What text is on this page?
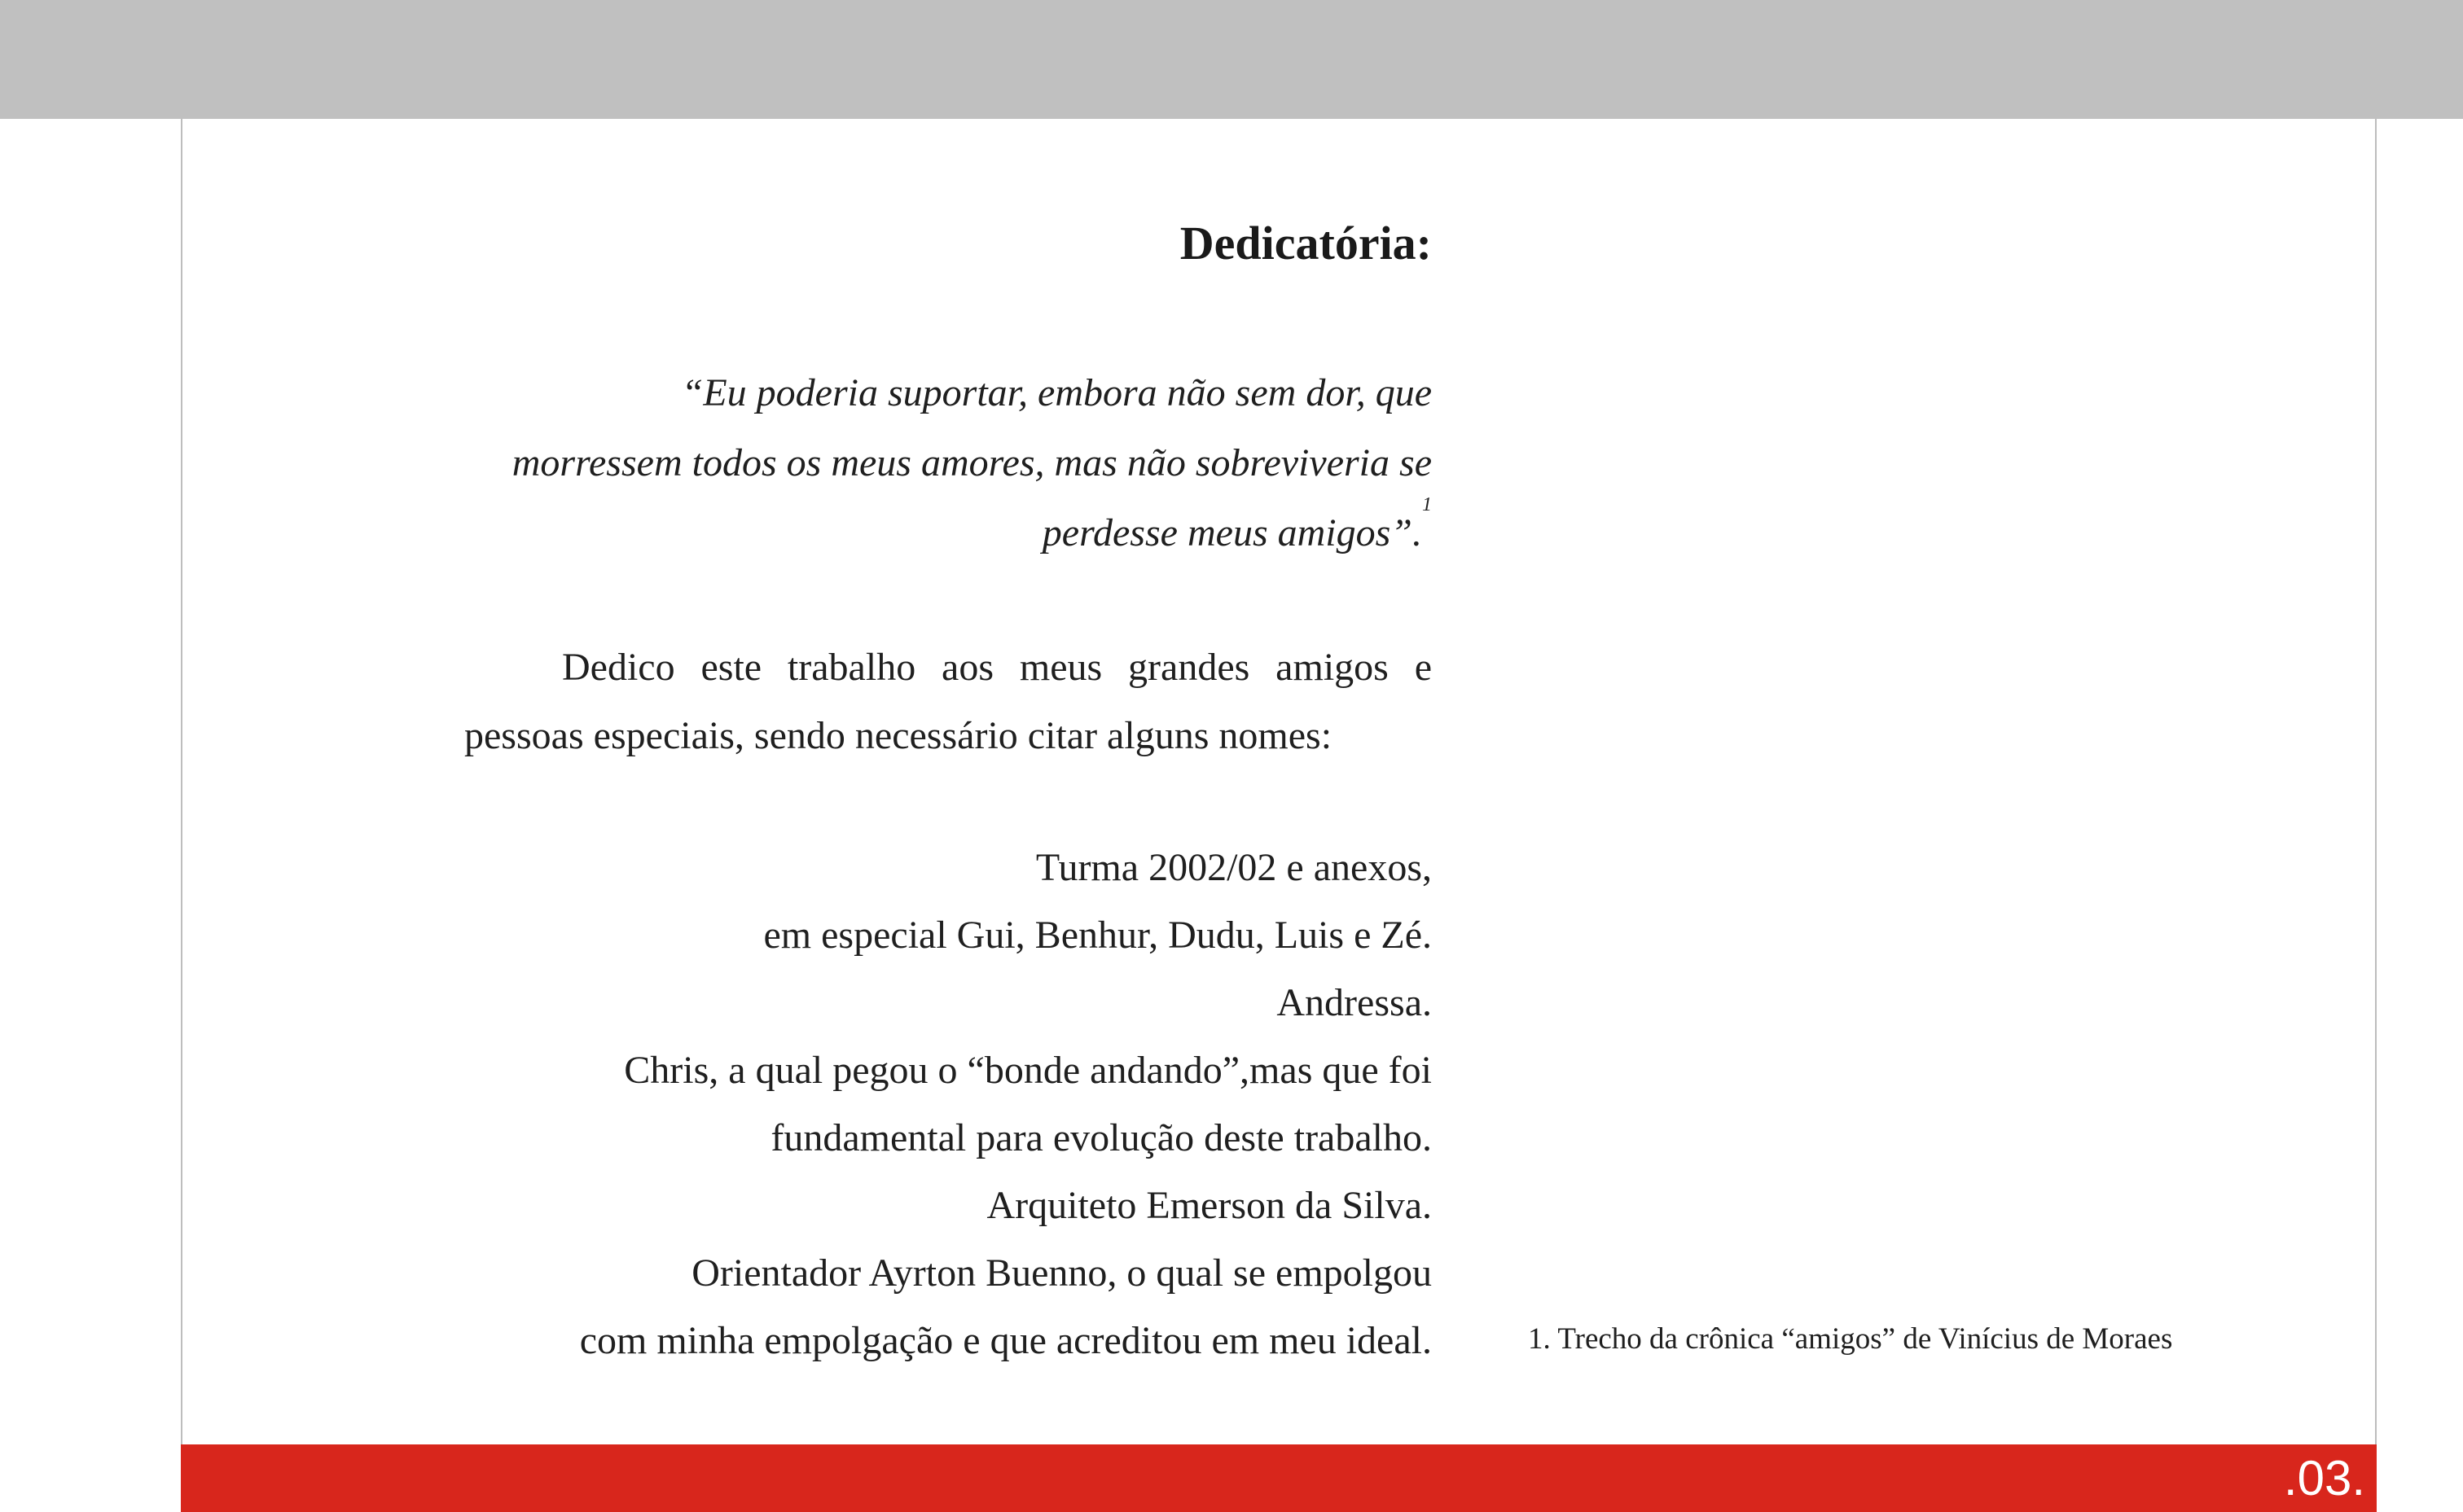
Dedicatória:
“Eu poderia suportar, embora não sem dor, que
morressem todos os meus amores, mas não sobreviveria se
perdesse meus amigos”.$^1$
Dedico este trabalho aos meus grandes amigos e
pessoas especiais, sendo necessário citar alguns nomes:
Turma 2002/02 e anexos,
em especial Gui, Benhur, Dudu, Luis e Zé.
Andressa.
Chris, a qual pegou o “bonde andando”,mas que foi
fundamental para evolução deste trabalho.
Arquiteto Emerson da Silva.
Orientador Ayrton Buenno, o qual se empolgou
com minha empolgação e que acreditou em meu ideal.	1. Trecho da crônica “amigos” de Vinícius de Moraes
.03.
